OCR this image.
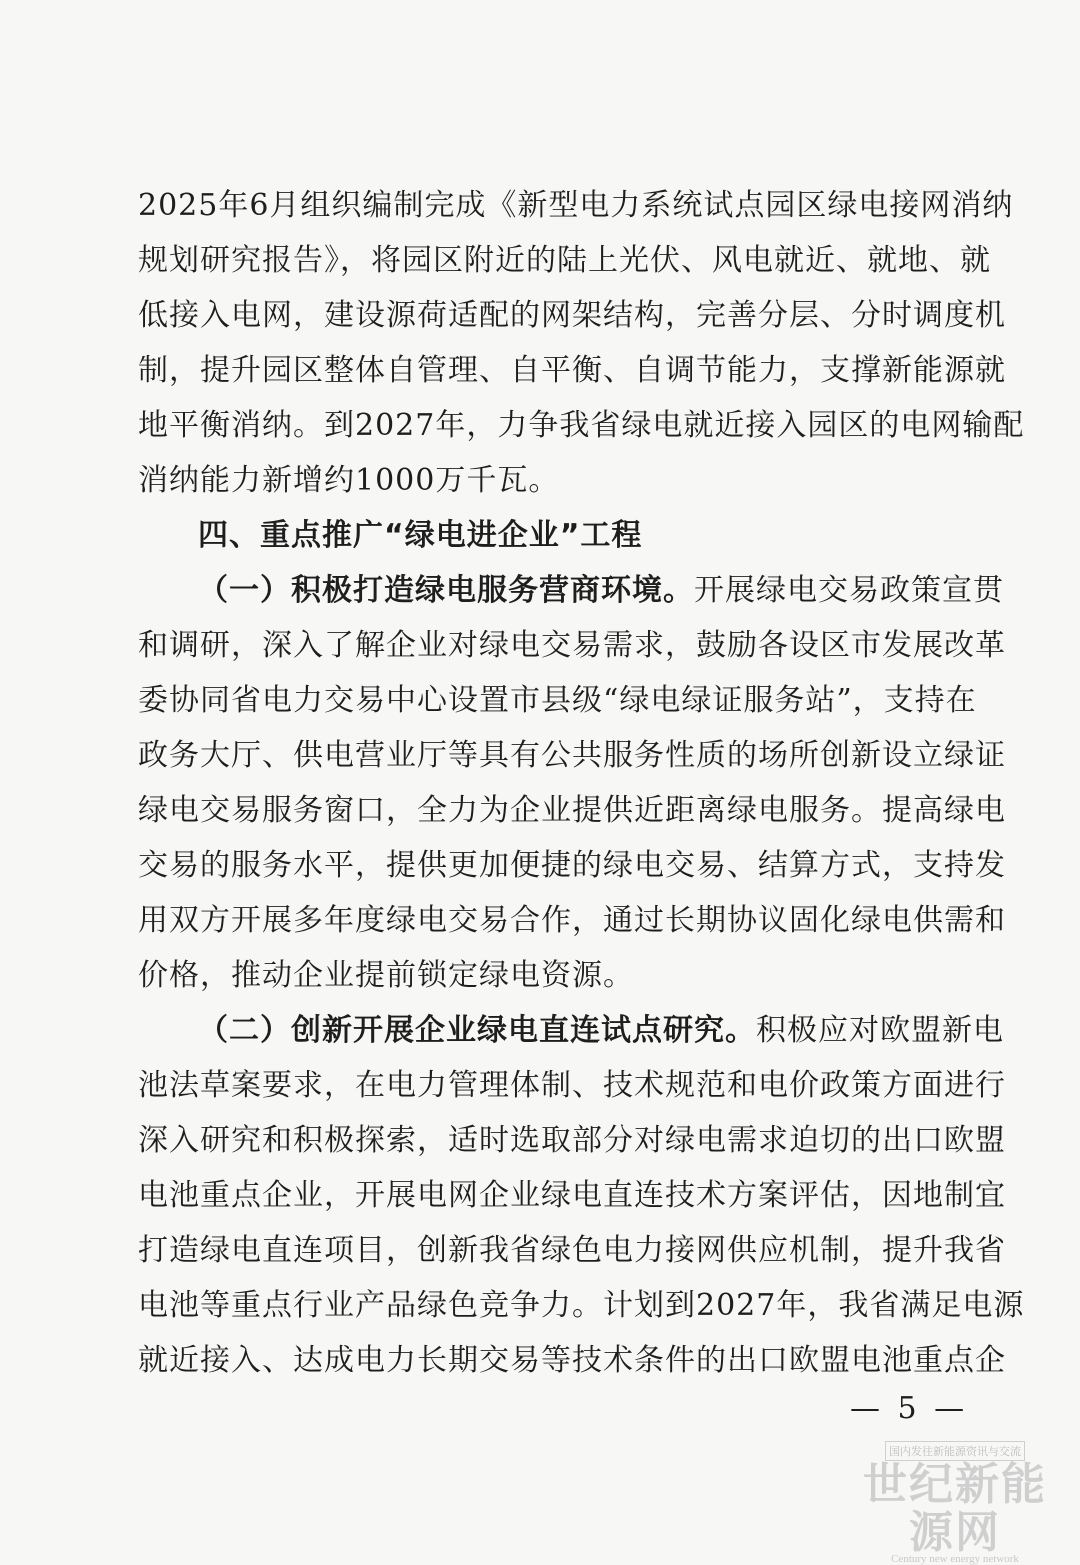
2025年6月组织编制完成《新型电力系统试点园区绿电接网消纳
规划研究报告》，将园区附近的陆上光伏、风电就近、就地、就
低接入电网，建设源荷适配的网架结构，完善分层、分时调度机
制，提升园区整体自管理、自平衡、自调节能力，支撑新能源就
地平衡消纳。到2027年，力争我省绿电就近接入园区的电网输配
消纳能力新增约1000万千瓦。
四、重点推广“绿电进企业”工程
（一）积极打造绿电服务营商环境。开展绿电交易政策宣贯
和调研，深入了解企业对绿电交易需求，鼓励各设区市发展改革
委协同省电力交易中心设置市县级“绿电绿证服务站”，支持在
政务大厅、供电营业厅等具有公共服务性质的场所创新设立绿证
绿电交易服务窗口，全力为企业提供近距离绿电服务。提高绿电
交易的服务水平，提供更加便捷的绿电交易、结算方式，支持发
用双方开展多年度绿电交易合作，通过长期协议固化绿电供需和
价格，推动企业提前锁定绿电资源。
（二）创新开展企业绿电直连试点研究。积极应对欧盟新电
池法草案要求，在电力管理体制、技术规范和电价政策方面进行
深入研究和积极探索，适时选取部分对绿电需求迫切的出口欧盟
电池重点企业，开展电网企业绿电直连技术方案评估，因地制宜
打造绿电直连项目，创新我省绿色电力接网供应机制，提升我省
电池等重点行业产品绿色竞争力。计划到2027年，我省满足电源
就近接入、达成电力长期交易等技术条件的出口欧盟电池重点企
— 5 —
国内发往新能源资讯与交流
世纪新能源网
Century new energy network
